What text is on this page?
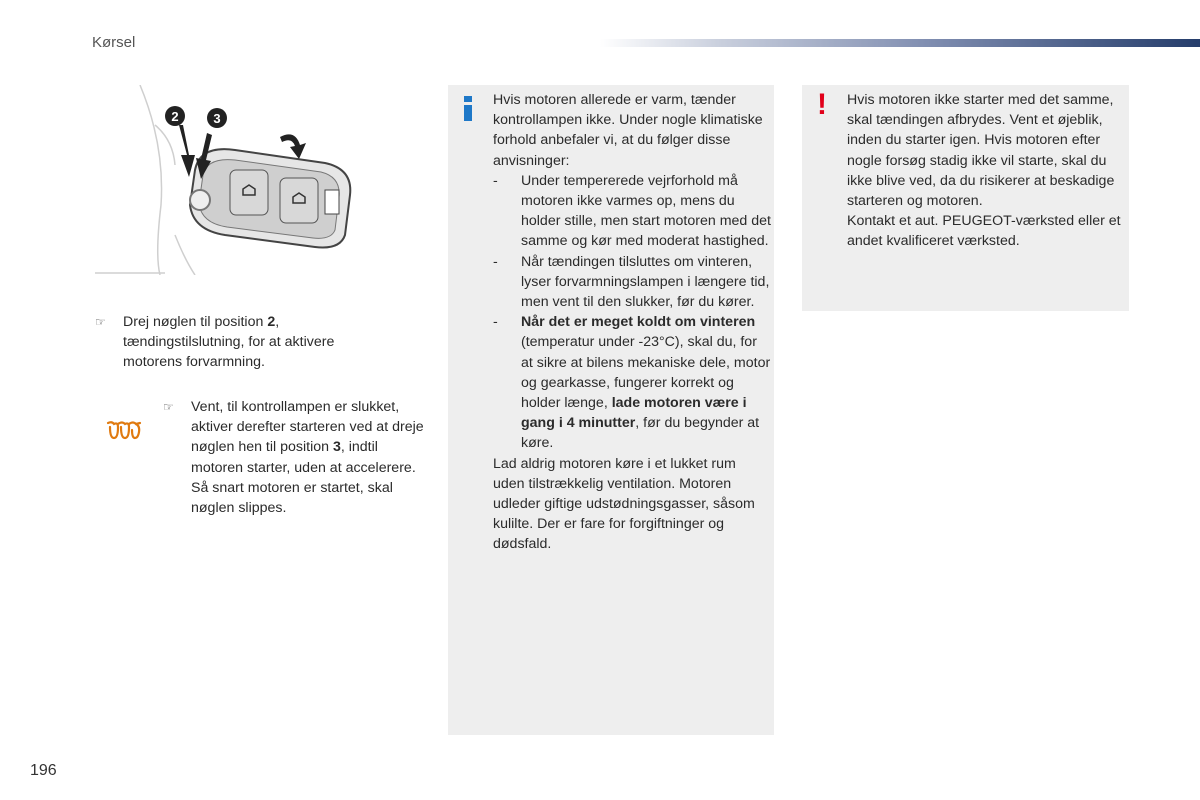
Kørsel
2	3
☞	Drej nøglen til position 2, tændingstilslutning, for at aktivere motorens forvarmning.
☞	Vent, til kontrollampen er slukket, aktiver derefter starteren ved at dreje nøglen hen til position 3, indtil motoren starter, uden at accelerere. Så snart motoren er startet, skal nøglen slippes.
Hvis motoren allerede er varm, tænder kontrollampen ikke. Under nogle klimatiske forhold anbefaler vi, at du følger disse anvisninger:
-	Under tempererede vejrforhold må motoren ikke varmes op, mens du holder stille, men start motoren med det samme og kør med moderat hastighed.
-	Når tændingen tilsluttes om vinteren, lyser forvarmningslampen i længere tid, men vent til den slukker, før du kører.
-	Når det er meget koldt om vinteren (temperatur under -23°C), skal du, for at sikre at bilens mekaniske dele, motor og gearkasse, fungerer korrekt og holder længe, lade motoren være i gang i 4 minutter, før du begynder at køre.
Lad aldrig motoren køre i et lukket rum uden tilstrækkelig ventilation. Motoren udleder giftige udstødningsgasser, såsom kulilte. Der er fare for forgiftninger og dødsfald.
!	Hvis motoren ikke starter med det samme, skal tændingen afbrydes. Vent et øjeblik, inden du starter igen. Hvis motoren efter nogle forsøg stadig ikke vil starte, skal du ikke blive ved, da du risikerer at beskadige starteren og motoren.
Kontakt et aut. PEUGEOT-værksted eller et andet kvalificeret værksted.
196
